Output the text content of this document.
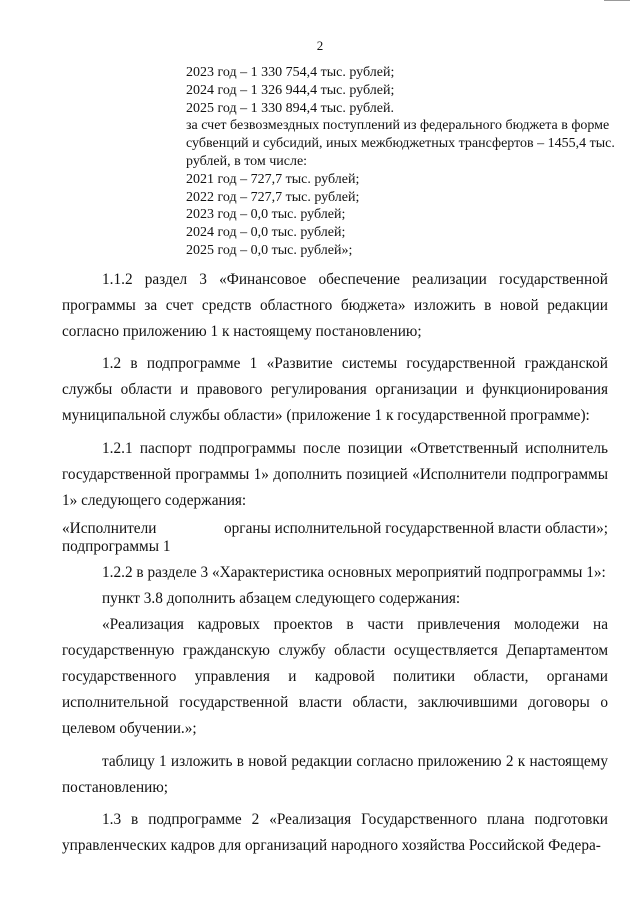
2
2023 год – 1 330 754,4 тыс. рублей;
2024 год – 1 326 944,4 тыс. рублей;
2025 год – 1 330 894,4 тыс. рублей.
за счет безвозмездных поступлений из федерального бюджета в форме субвенций и субсидий, иных межбюджетных трансфертов – 1455,4 тыс. рублей, в том числе:
2021 год – 727,7 тыс. рублей;
2022 год – 727,7 тыс. рублей;
2023 год – 0,0 тыс. рублей;
2024 год – 0,0 тыс. рублей;
2025 год – 0,0 тыс. рублей»;

1.1.2 раздел 3 «Финансовое обеспечение реализации государственной программы за счет средств областного бюджета» изложить в новой редакции согласно приложению 1 к настоящему постановлению;

1.2 в подпрограмме 1 «Развитие системы государственной гражданской службы области и правового регулирования организации и функционирования муниципальной службы области» (приложение 1 к государственной программе):

1.2.1 паспорт подпрограммы после позиции «Ответственный исполнитель государственной программы 1» дополнить позицией «Исполнители подпрограммы 1» следующего содержания:

«Исполнители подпрограммы 1
органы исполнительной государственной власти области»;

1.2.2 в разделе 3 «Характеристика основных мероприятий подпрограммы 1»:

пункт 3.8 дополнить абзацем следующего содержания:

«Реализация кадровых проектов в части привлечения молодежи на государственную гражданскую службу области осуществляется Департаментом государственного управления и кадровой политики области, органами исполнительной государственной власти области, заключившими договоры о целевом обучении.»;

таблицу 1 изложить в новой редакции согласно приложению 2 к настоящему постановлению;

1.3 в подпрограмме 2 «Реализация Государственного плана подготовки управленческих кадров для организаций народного хозяйства Российской Федера-
